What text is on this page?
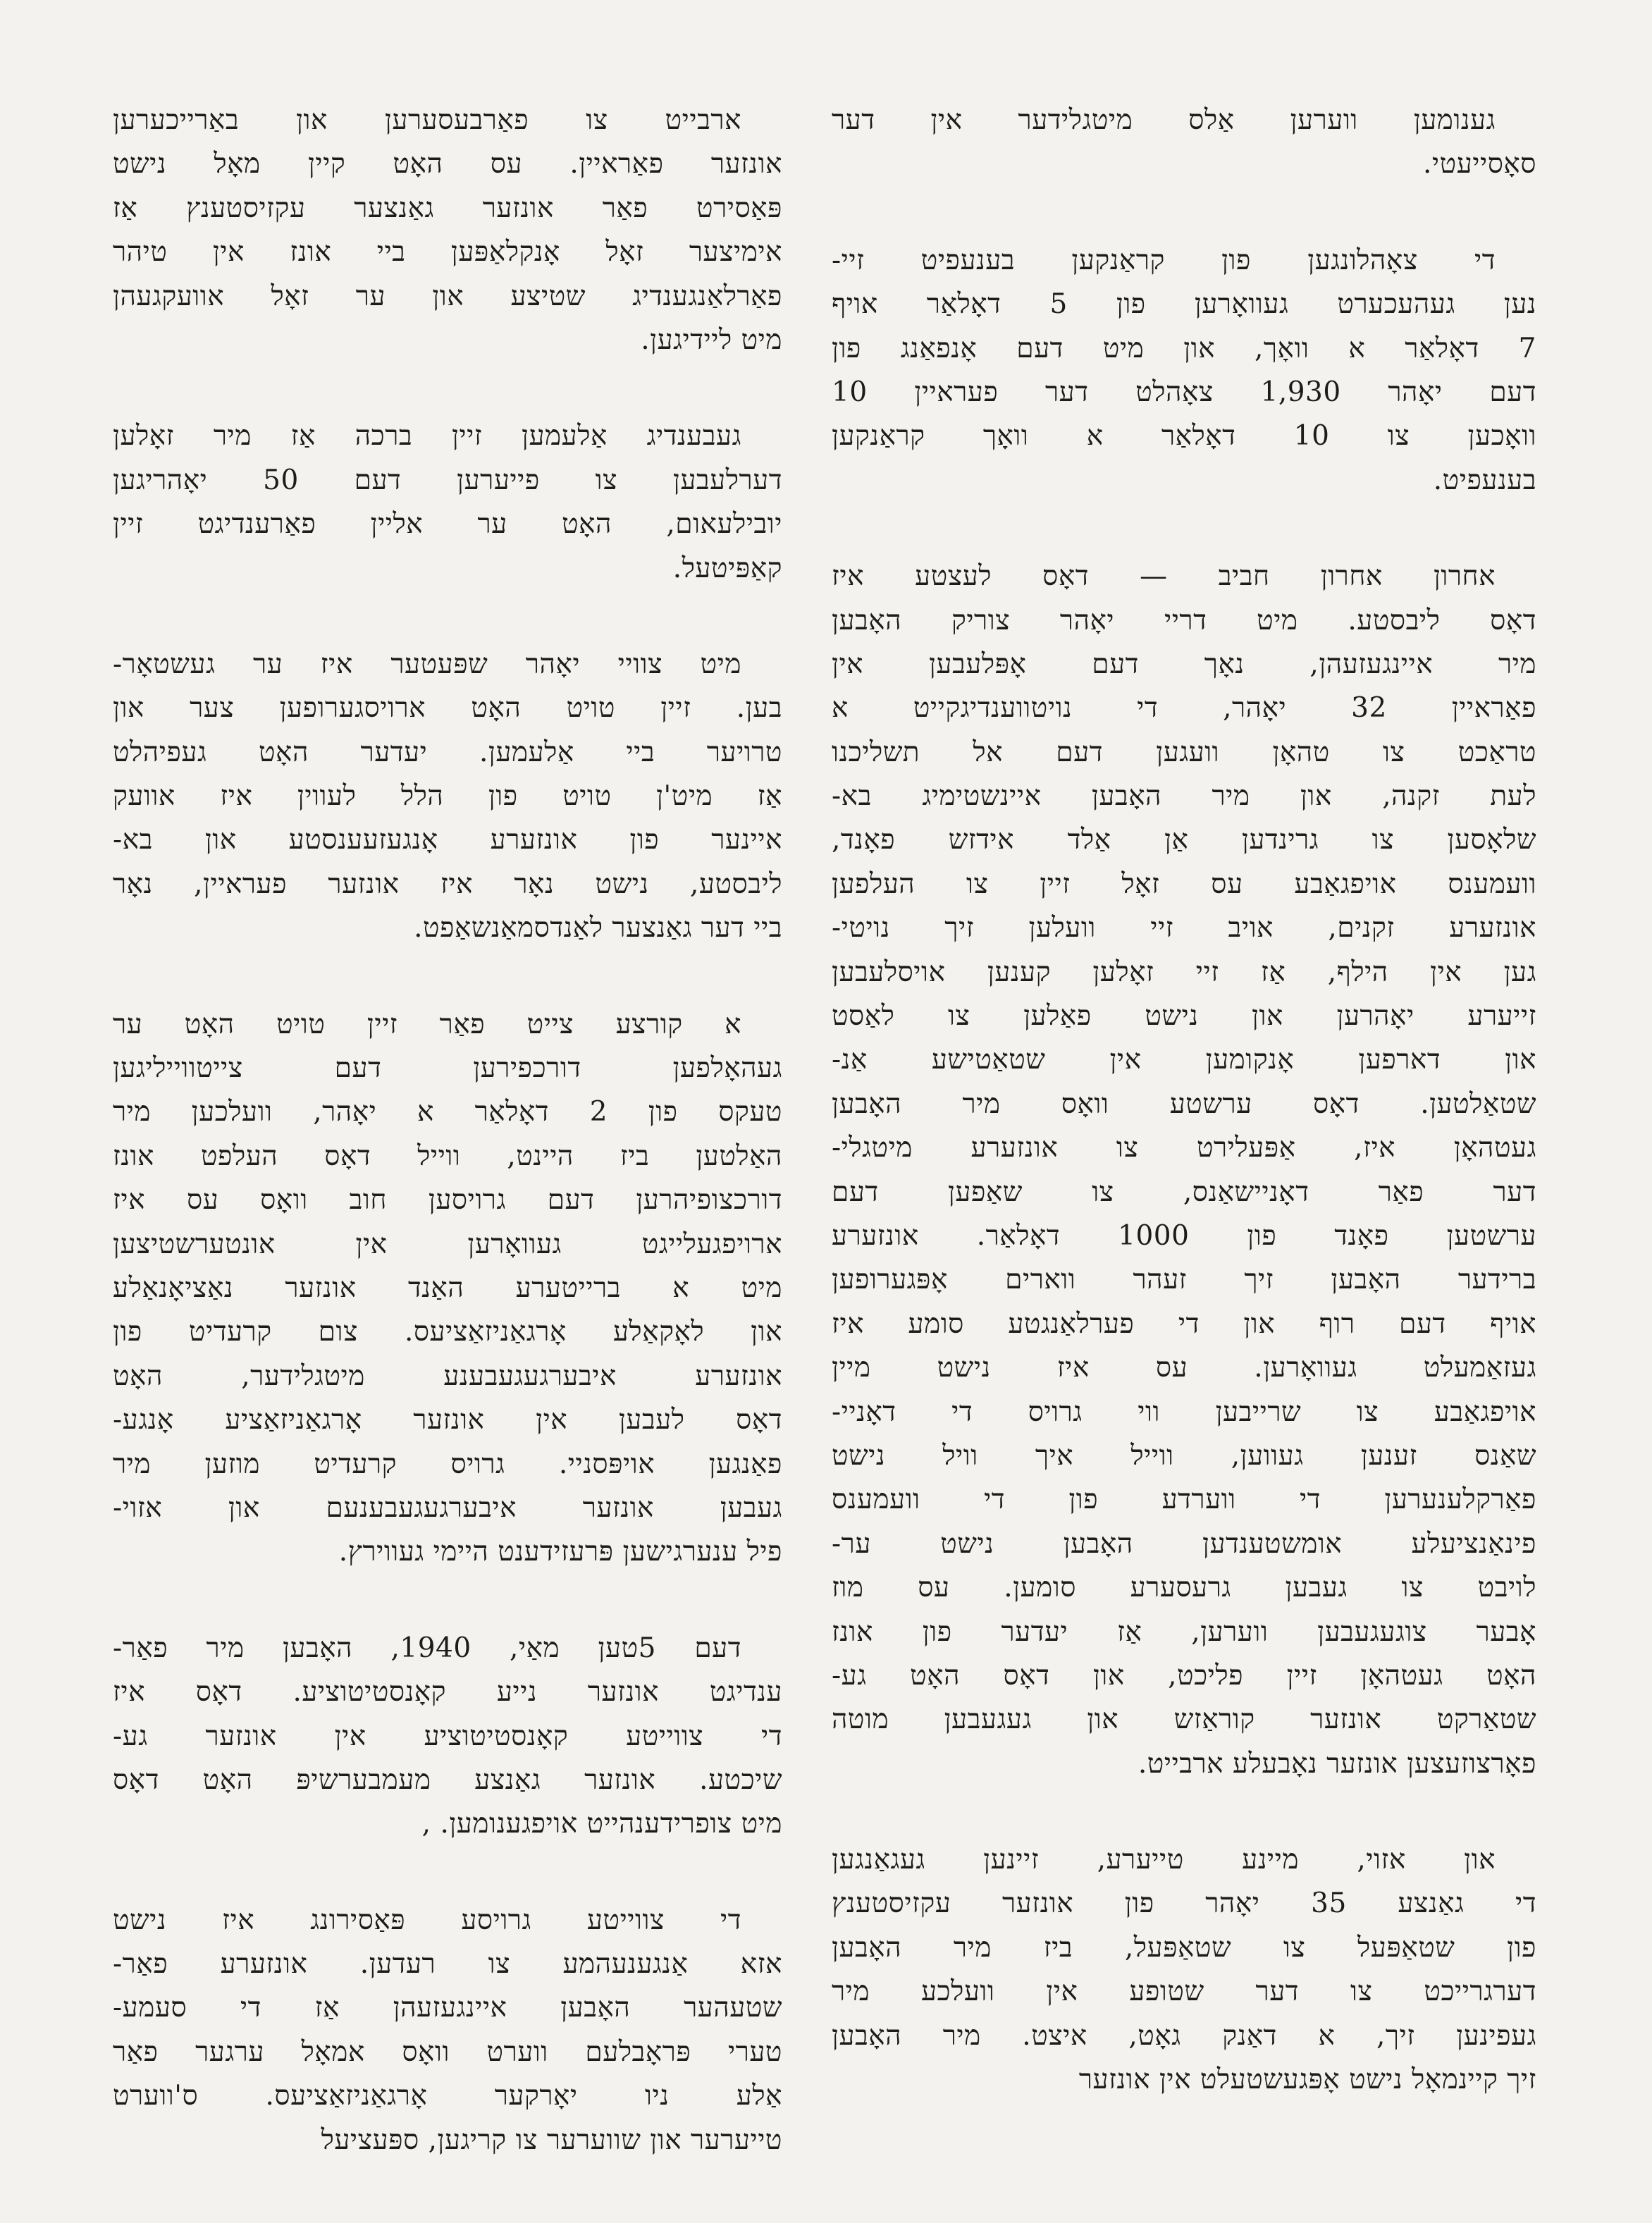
גענומען ווערען אַלס מיטגלידער אין דער
סאָסייעטי.
די צאָהלונגען פון קראַנקען בענעפיט זיי-
נען געהעכערט געוואָרען פון 5 דאָלאַר אויף
7 דאָלאַר א וואָך, און מיט דעם אָנפאַנג פון
דעם יאָהר 1,930 צאָהלט דער פעראיין 10
וואָכען צו 10 דאָלאַר א וואָך קראַנקען
בענעפיט.
אחרון אחרון חביב — דאָס לעצטע איז
דאָס ליבסטע. מיט דריי יאָהר צוריק האָבען
מיר איינגעזעהן, נאָך דעם אָפּלעבען אין
פאַראיין 32 יאָהר, די נויטווענדיגקייט א
טראַכט צו טהאָן וועגען דעם אל תשליכנו
לעת זקנה, און מיר האָבען איינשטימיג בא-
שלאָסען צו גרינדען אַן אַלד אידזש פאָנד,
וועמענס אויפגאַבע עס זאָל זיין צו העלפען
אונזערע זקנים, אויב זיי וועלען זיך נויטי-
גען אין הילף, אַז זיי זאָלען קענען אויסלעבען
זייערע יאָהרען און נישט פאַלען צו לאַסט
און דארפען אָנקומען אין שטאַטישע אַנ-
שטאַלטען. דאָס ערשטע וואָס מיר האָבען
געטהאָן איז, אַפּעלירט צו אונזערע מיטגלי-
דער פאַר דאָניישאַנס, צו שאַפען דעם
ערשטען פאָנד פון 1000 דאָלאַר. אונזערע
ברידער האָבען זיך זעהר ווארים אָפּגערופען
אויף דעם רוף און די פערלאַנגטע סומע איז
געזאַמעלט געוואָרען. עס איז נישט מיין
אויפגאַבע צו שרייבען ווי גרויס די דאָניי-
שאַנס זענען געווען, ווייל איך וויל נישט
פאַרקלענערען די ווערדע פון די וועמענס
פינאַנציעלע אומשטענדען האָבען נישט ער-
לויבט צו געבען גרעסערע סומען. עס מוז
אָבער צוגעגעבען ווערען, אַז יעדער פון אונז
האָט געטהאָן זיין פליכט, און דאָס האָט גע-
שטאַרקט אונזער קוראַזש און געגעבען מוטה
פאָרצוזעצען אונזער נאָבעלע ארבייט.
און אזוי, מיינע טייערע, זיינען געגאַנגען
די גאַנצע 35 יאָהר פון אונזער עקזיסטענץ
פון שטאַפּעל צו שטאַפּעל, ביז מיר האָבען
דערגרייכט צו דער שטופע אין וועלכע מיר
געפינען זיך, א דאַנק גאָט, איצט. מיר האָבען
זיך קיינמאָל נישט אָפּגעשטעלט אין אונזער
ארבייט צו פאַרבעסערען און באַרייכערען
אונזער פאַראיין. עס האָט קיין מאָל נישט
פּאַסירט פאַר אונזער גאַנצער עקזיסטענץ אַז
אימיצער זאָל אָנקלאַפּען ביי אונז אין טיהר
פאַרלאַנגענדיג שטיצע און ער זאָל אוועקגעהן
מיט ליידיגען.
געבענדיג אַלעמען זיין ברכה אַז מיר זאָלען
דערלעבען צו פייערען דעם 50 יאָהריגען
יובילעאום, האָט ער אליין פאַרענדיגט זיין
קאַפּיטעל.
מיט צוויי יאָהר שפּעטער איז ער געשטאָר-
בען. זיין טויט האָט ארויסגערופען צער און
טרויער ביי אַלעמען. יעדער האָט געפיהלט
אַז מיט'ן טויט פון הלל לעווין איז אוועק
איינער פון אונזערע אָנגעזעענסטע און בא-
ליבסטע, נישט נאָר איז אונזער פעראיין, נאָר
ביי דער גאַנצער לאַנדסמאַנשאַפט.
א קורצע צייט פאַר זיין טויט האָט ער
געהאָלפען דורכפירען דעם צייטווייליגען
טעקס פון 2 דאָלאַר א יאָהר, וועלכען מיר
האַלטען ביז היינט, ווייל דאָס העלפט אונז
דורכצופיהרען דעם גרויסען חוב וואָס עס איז
ארויפגעלייגט געוואָרען אין אונטערשטיצען
מיט א ברייטערע האַנד אונזער נאַציאָנאַלע
און לאָקאַלע אָרגאַניזאַציעס. צום קרעדיט פון
אונזערע איבערגעגעבענע מיטגלידער, האָט
דאָס לעבען אין אונזער אָרגאַניזאַציע אָנגע-
פאַנגען אויפּסניי. גרויס קרעדיט מוזען מיר
געבען אונזער איבערגעגעבענעם און אזוי-
פיל ענערגישען פּרעזידענט היימי געווירץ.
דעם 5טען מאַי, 1940, האָבען מיר פאַר-
ענדיגט אונזער נייע קאָנסטיטוציע. דאָס איז
די צווייטע קאָנסטיטוציע אין אונזער גע-
שיכטע. אונזער גאַנצע מעמבערשיפּ האָט דאָס
מיט צופרידענהייט אויפגענומען. ,
די צווייטע גרויסע פּאַסירונג איז נישט
אזא אַנגענעהמע צו רעדען. אונזערע פאַר-
שטעהער האָבען איינגעזעהן אַז די סעמע-
טערי פּראָבלעם ווערט וואָס אמאָל ערגער פאַר
אַלע ניו יאָרקער אָרגאַניזאַציעס. ס'ווערט
טייערער און שווערער צו קריגען, ספּעציעל
